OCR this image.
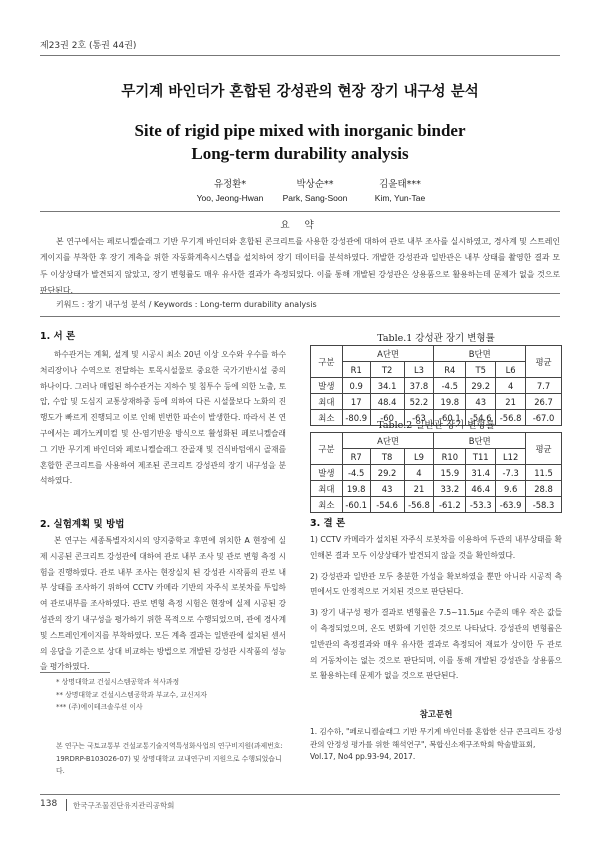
제23권 2호 (통권 44권)
무기계 바인더가 혼합된 강성관의 현장 장기 내구성 분석
Site of rigid pipe mixed with inorganic binder
Long-term durability analysis
유정환*
Yoo, Jeong-Hwan
박상순**
Park, Sang-Soon
김윤태***
Kim, Yun-Tae
요 약
본 연구에서는 페로니켈슬래그 기반 무기계 바인더와 혼합된 콘크리트를 사용한 강성관에 대하여 관로 내부 조사를 실시하였고, 경사계 및 스트레인게이지를 부착한 후 장기 계측을 위한 자동화계측시스템을 설치하여 장기 데이터를 분석하였다. 개발한 강성관과 일반관은 내부 상태를 촬영한 결과 모두 이상상태가 발견되지 않았고, 장기 변형률도 매우 유사한 결과가 측정되었다. 이를 통해 개발된 강성관은 상용품으로 활용하는데 문제가 없을 것으로 판단된다.
키워드 : 장기 내구성 분석 / Keywords : Long-term durability analysis
1. 서 론
하수관거는 계획, 설계 및 시공시 최소 20년 이상 오수와 우수를 하수처리장이나 수역으로 전달하는 토목시설물로 중요한 국가기반시설 중의 하나이다. 그러나 매립된 하수관거는 지하수 및 침투수 등에 의한 노출, 토압, 수압 및 도심지 교통상재하중 등에 의하여 다른 시설물보다 노화의 진행도가 빠르게 진행되고 이로 인해 빈번한 파손이 발생한다. 따라서 본 연구에서는 폐가노케미컬 및 산-염기반응 방식으로 활성화된 페로니켈슬래그 기반 무기계 바인더와 페로니켈슬래그 잔골재 및 건식바텀애시 골재를 혼합한 콘크리트를 사용하여 제조된 콘크리트 강성관의 장기 내구성을 분석하였다.
2. 실험계획 및 방법
본 연구는 세종특별자치시의 양지중학교 후면에 위치한 A 현장에 실제 시공된 콘크리트 강성관에 대하여 관로 내부 조사 및 관로 변형 측정 시험을 진행하였다. 관로 내부 조사는 현장실치 된 강성관 시작품의 관로 내부 상태를 조사하기 위하여 CCTV 카메라 기반의 자주식 로봇차를 투입하여 관로내부를 조사하였다. 관로 변형 측정 시험은 현장에 실제 시공된 강성관의 장기 내구성을 평가하기 위한 목적으로 수행되었으며, 관에 경사계 및 스트레인게이지를 부착하였다. 모든 계측 결과는 일반관에 설치된 센서의 응답을 기준으로 상대 비교하는 방법으로 개발된 강성관 시작품의 성능을 평가하였다.
* 상명대학교 건설시스템공학과 석사과정
** 상명대학교 건설시스템공학과 부교수, 교신저자
*** (주)에이테크솔루션 이사
본 연구는 국토교통부 건설교통기술지역특성화사업의 연구비지원(과제번호: 19RDRP-B103026-07) 및 상명대학교 교내연구비 지원으로 수행되었습니다.
Table.1 강성관 장기 변형률
구분	A단면			B단면			평균
	R1	T2	L3	R4	T5	L6	
발생	0.9	34.1	37.8	-4.5	29.2	4	7.7
최대	17	48.4	52.2	19.8	43	21	26.7
최소	-80.9	-60	-63	-60.1	-54.6	-56.8	-67.0
Table.2 일반관 장기 변형률
구분	A단면			B단면			평균
	R7	T8	L9	R10	T11	L12	
발생	-4.5	29.2	4	15.9	31.4	-7.3	11.5
최대	19.8	43	21	33.2	46.4	9.6	28.8
최소	-60.1	-54.6	-56.8	-61.2	-53.3	-63.9	-58.3
3. 결 론

1) CCTV 카메라가 설치된 자주식 로봇차를 이용하여 두관의 내부상태를 확인해본 결과 모두 이상상태가 발견되지 않을 것을 확인하였다.

2) 강성관과 일반관 모두 충분한 가성을 확보하였을 뿐만 아니라 시공적 측면에서도 안정적으로 거치된 것으로 판단된다.

3) 장기 내구성 평가 결과로 변형률은 7.5~11.5με 수준의 매우 작은 값들이 측정되었으며, 온도 변화에 기인한 것으로 나타났다. 강성관의 변형률은 일반관의 측정결과와 매우 유사한 결과로 측정되어 재료가 상이한 두 관로의 거동차이는 없는 것으로 판단되며, 이를 통해 개발된 강성관을 상용품으로 활용하는데 문제가 없을 것으로 판단된다.

참고문헌
1. 김수하, "페로니켈슬래그 기반 무기계 바인더를 혼합한 신규 콘크리트 강성관의 안정성 평가를 위한 해석연구", 복합신소재구조학회 학술발표회, Vol.17, No4 pp.93-94, 2017.
138 한국구조물진단유지관리공학회
